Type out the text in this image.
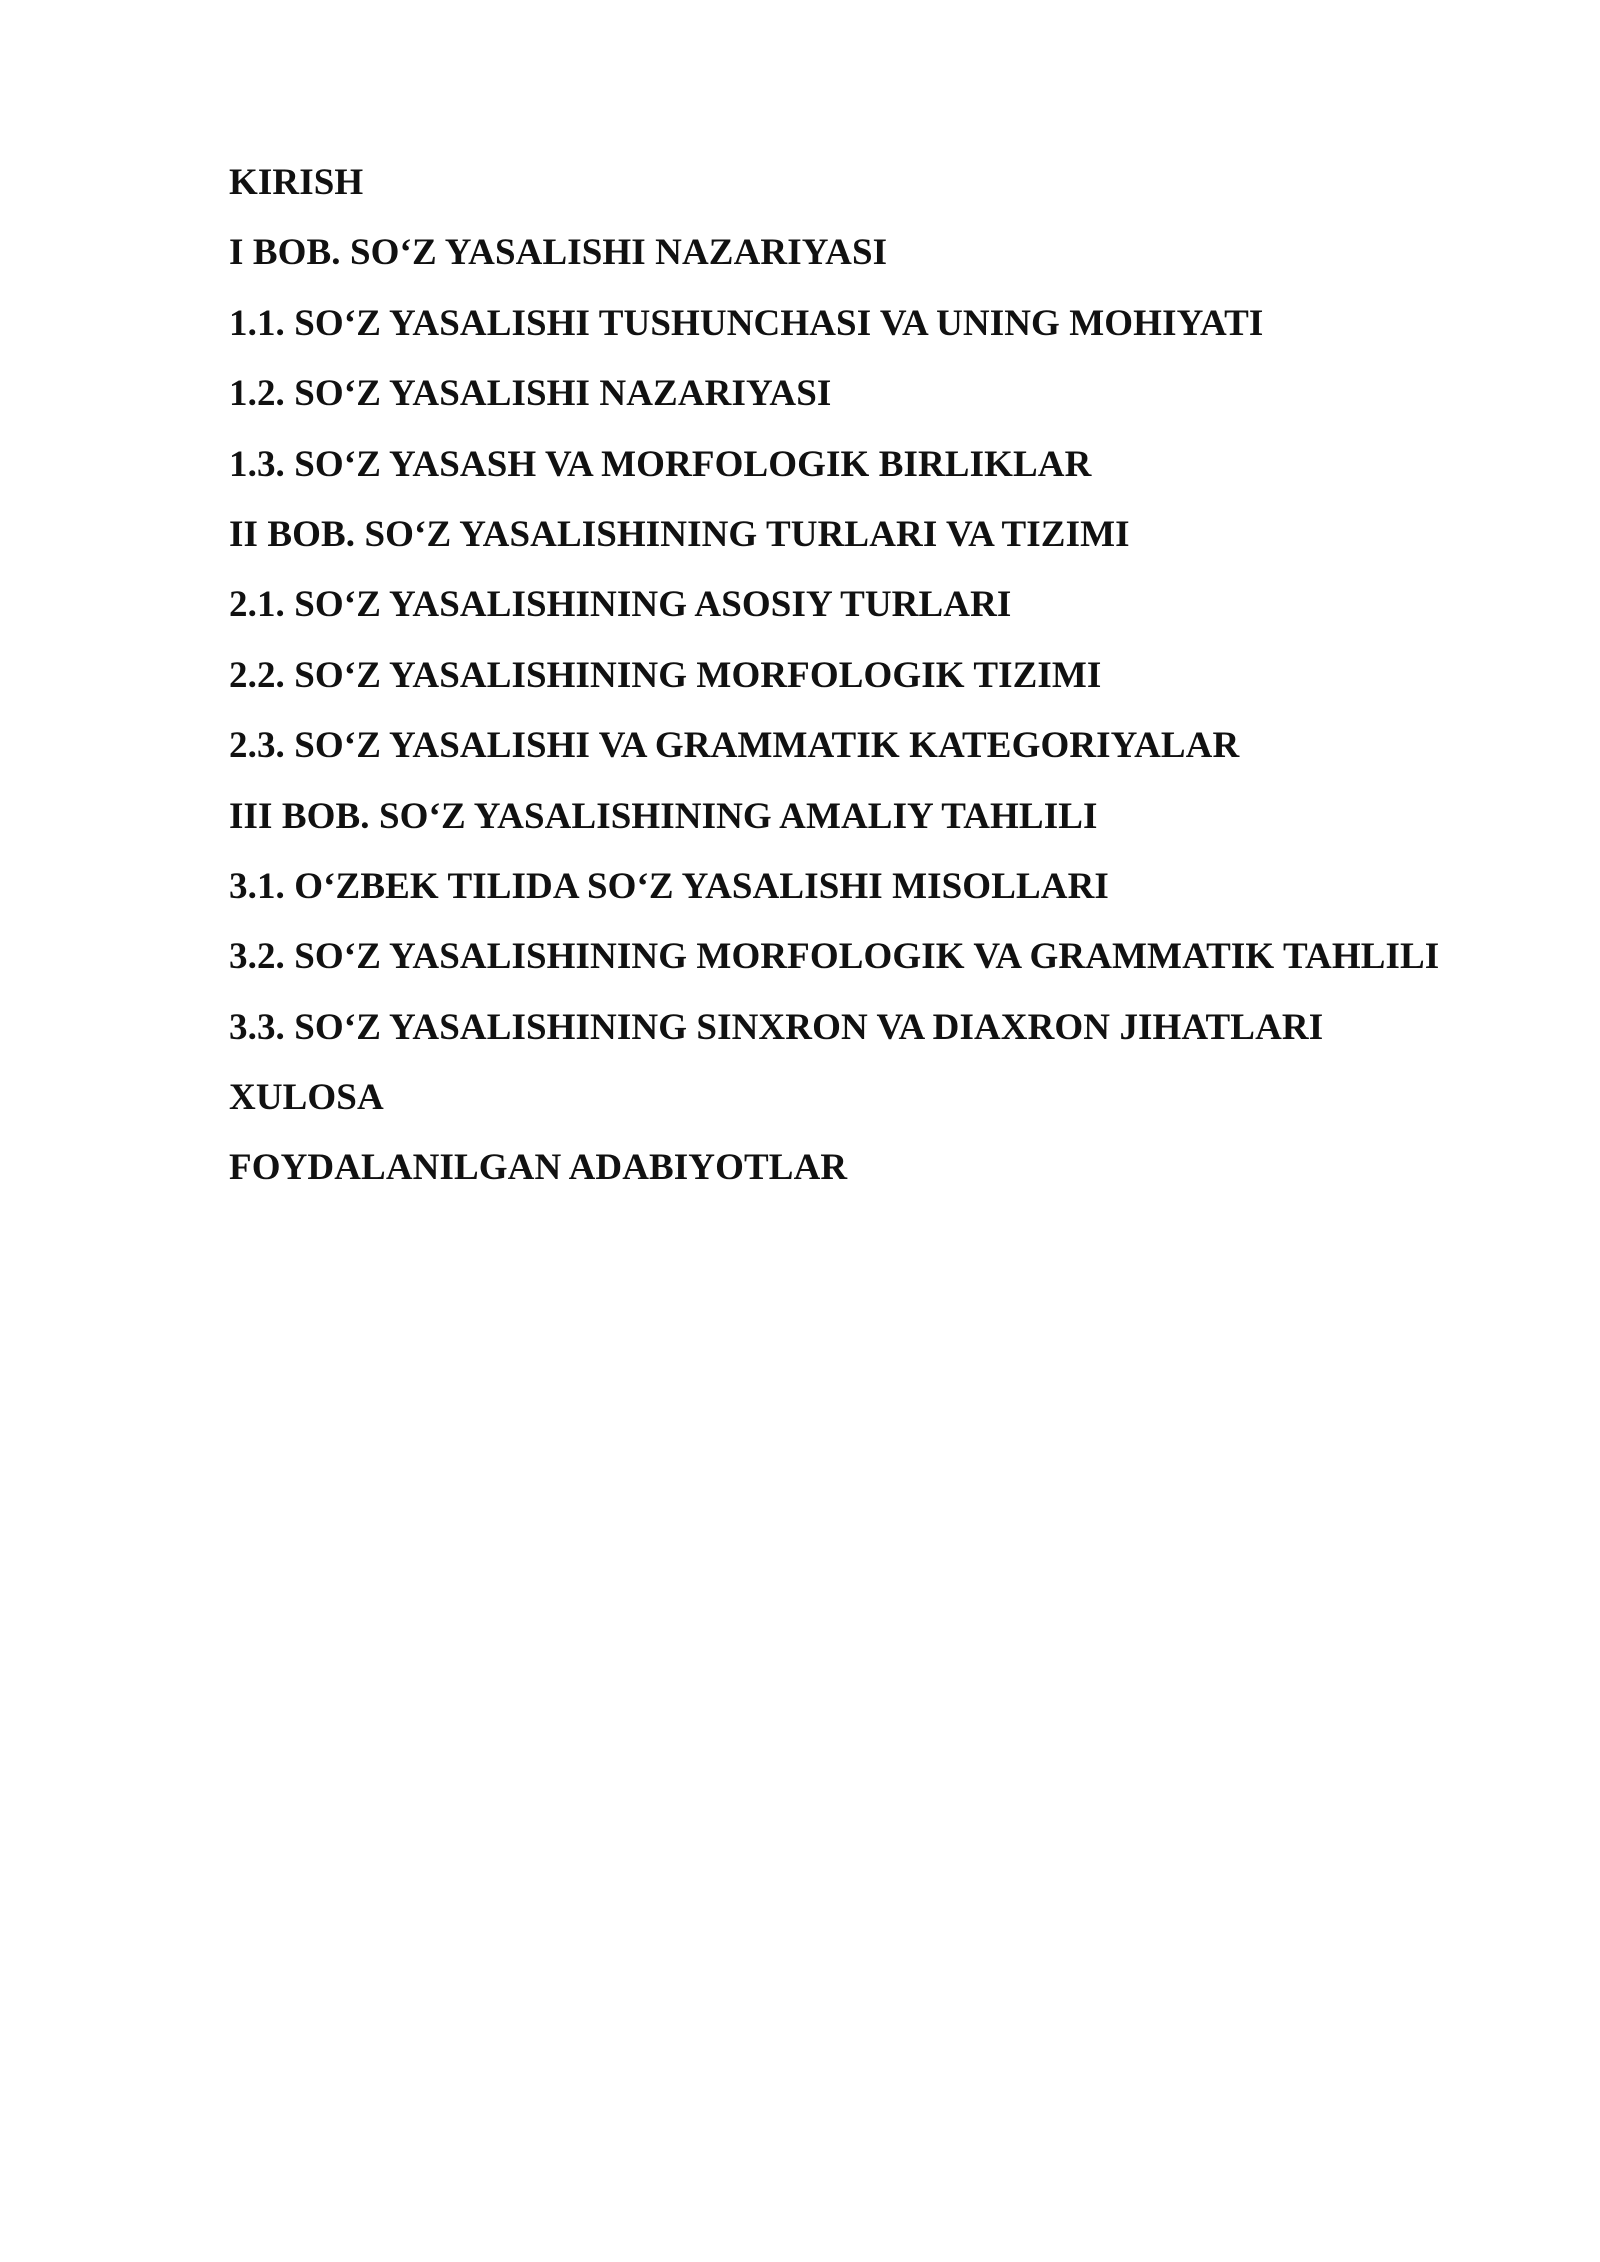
KIRISH
I BOB. SO‘Z YASALISHI NAZARIYASI
1.1. SO‘Z YASALISHI TUSHUNCHASI VA UNING MOHIYATI
1.2. SO‘Z YASALISHI NAZARIYASI
1.3. SO‘Z YASASH VA MORFOLOGIK BIRLIKLAR
II BOB. SO‘Z YASALISHINING TURLARI VA TIZIMI
2.1. SO‘Z YASALISHINING ASOSIY TURLARI
2.2. SO‘Z YASALISHINING MORFOLOGIK TIZIMI
2.3. SO‘Z YASALISHI VA GRAMMATIK KATEGORIYALAR
III BOB. SO‘Z YASALISHINING AMALIY TAHLILI
3.1. O‘ZBEK TILIDA SO‘Z YASALISHI MISOLLARI
3.2. SO‘Z YASALISHINING MORFOLOGIK VA GRAMMATIK TAHLILI
3.3. SO‘Z YASALISHINING SINXRON VA DIAXRON JIHATLARI
XULOSA
FOYDALANILGAN ADABIYOTLAR
